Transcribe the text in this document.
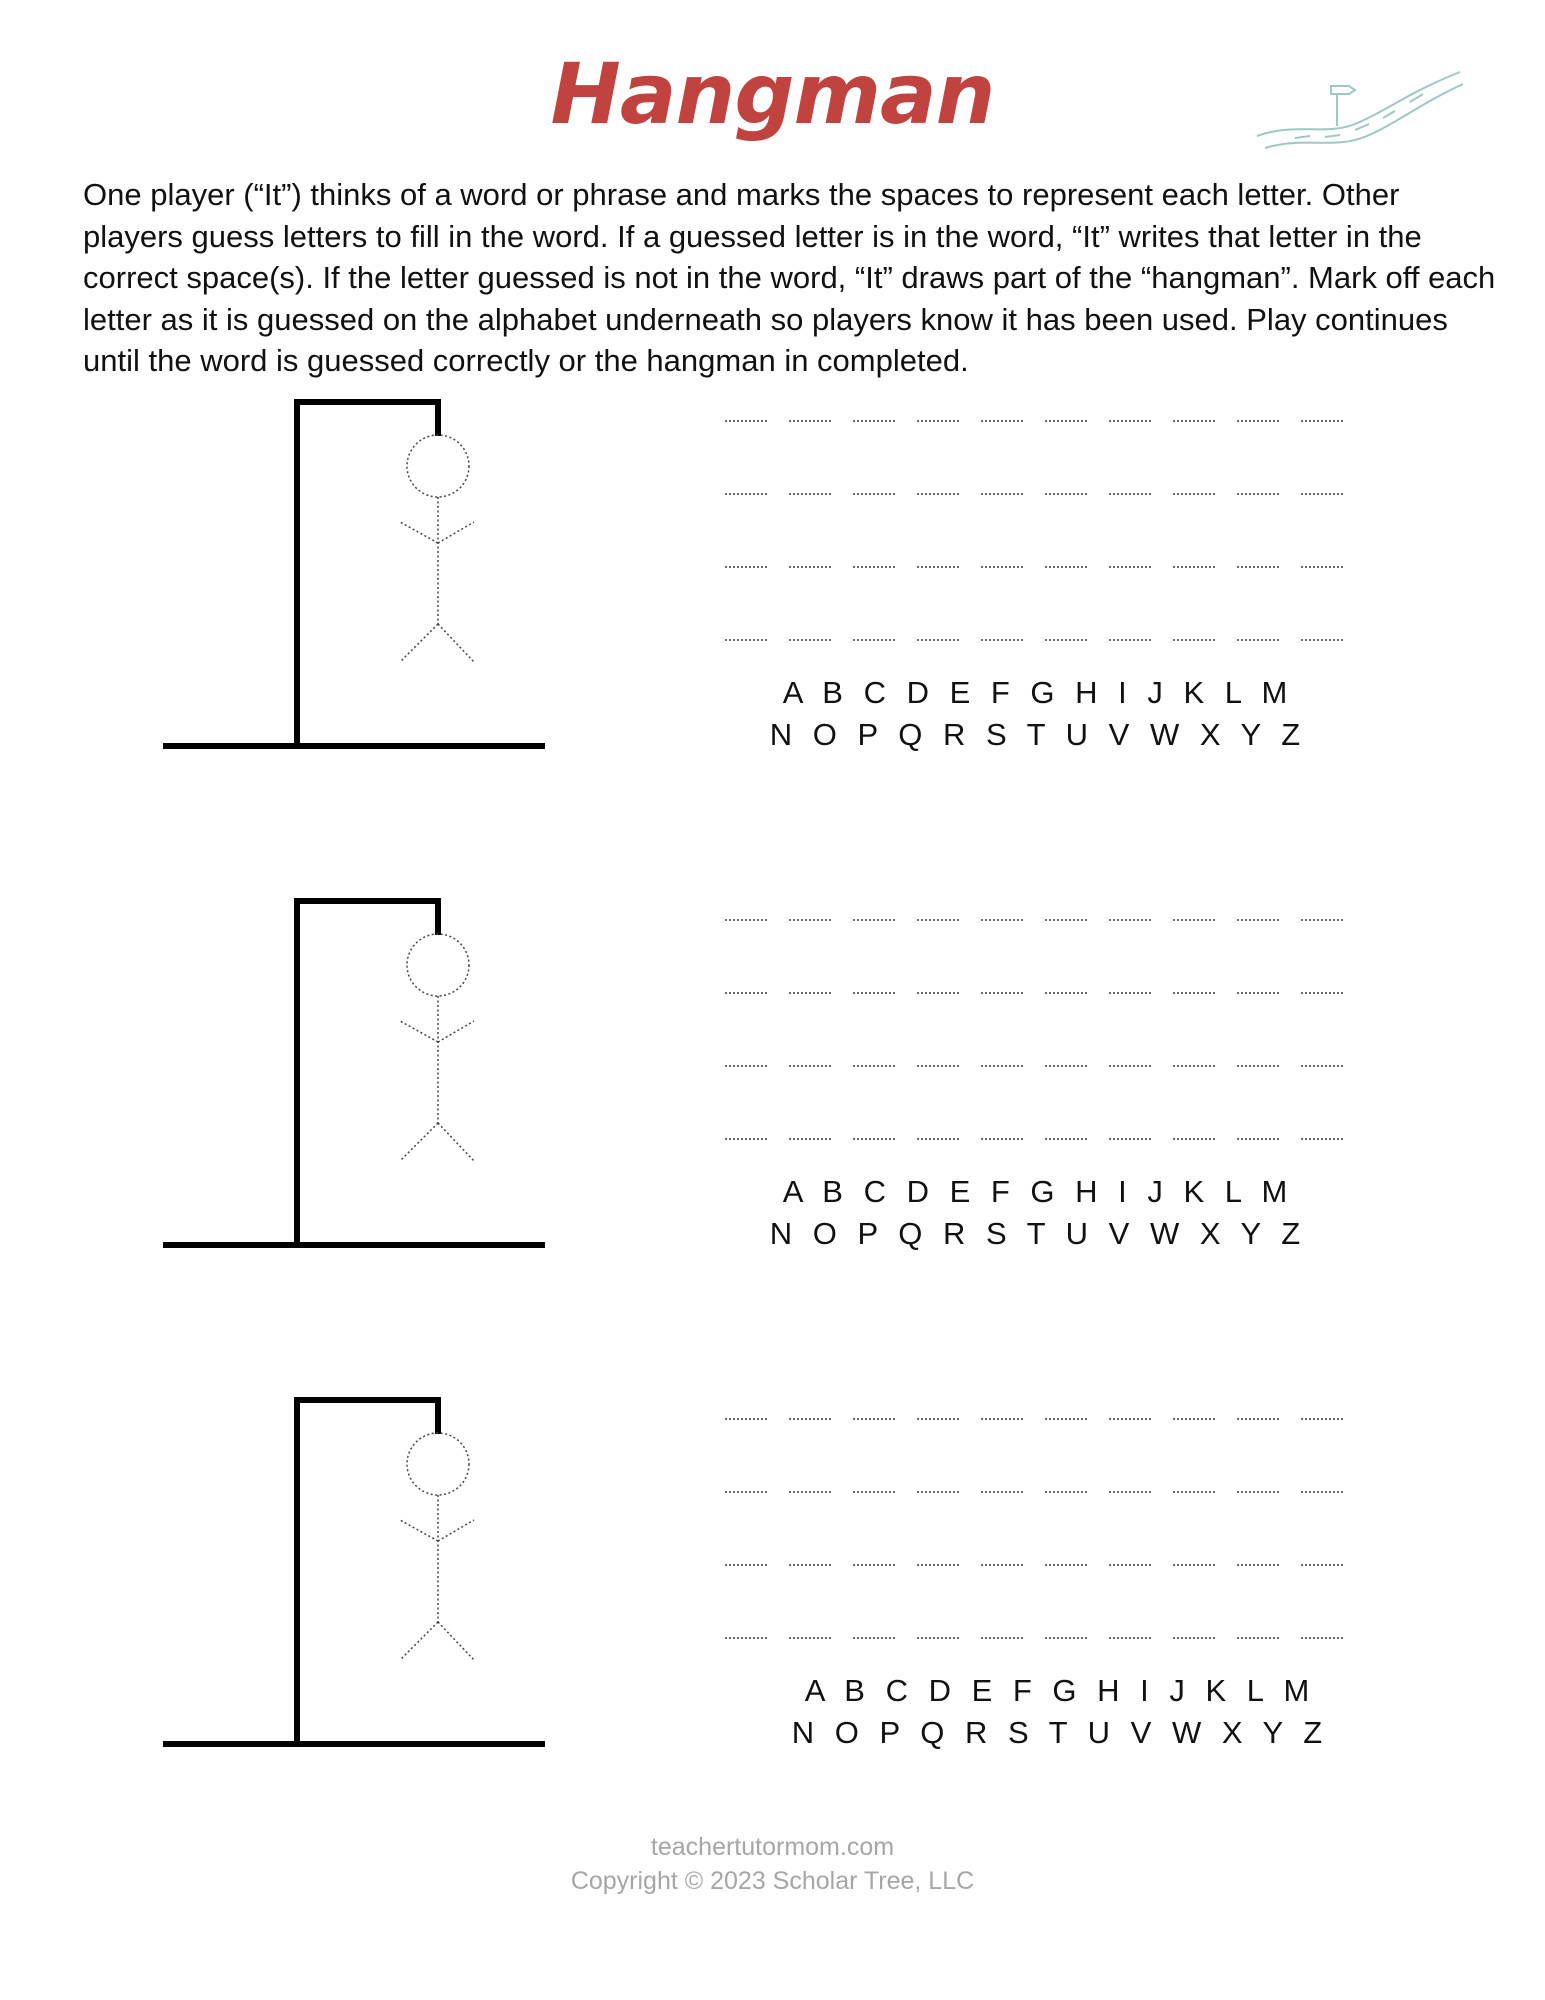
Hangman
One player (“It”) thinks of a word or phrase and marks the spaces to represent each letter. Other players guess letters to fill in the word. If a guessed letter is in the word, “It” writes that letter in the correct space(s). If the letter guessed is not in the word, “It” draws part of the “hangman”. Mark off each letter as it is guessed on the alphabet underneath so players know it has been used. Play continues until the word is guessed correctly or the hangman in completed.
A B C D E F G H I J K L M
N O P Q R S T U V W X Y Z
A B C D E F G H I J K L M
N O P Q R S T U V W X Y Z
A B C D E F G H I J K L M
N O P Q R S T U V W X Y Z
teachertutormom.com
Copyright © 2023 Scholar Tree, LLC
